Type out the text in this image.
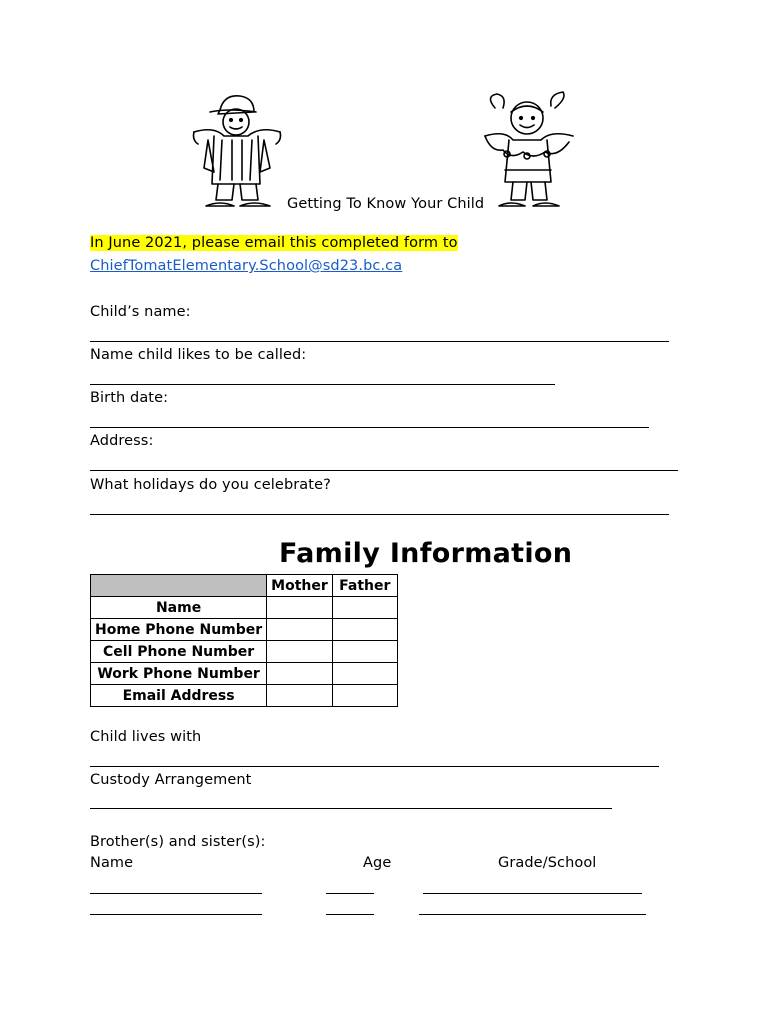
Getting To Know Your Child
In June 2021, please email this completed form to
ChiefTomatElementary.School@sd23.bc.ca
Child’s name:
Name child likes to be called:
Birth date:
Address:
What holidays do you celebrate?
Family Information
	Mother	Father
Name		
Home Phone Number		
Cell Phone Number		
Work Phone Number		
Email Address		
Child lives with
Custody Arrangement
Brother(s) and sister(s):
Name	Age	Grade/School
